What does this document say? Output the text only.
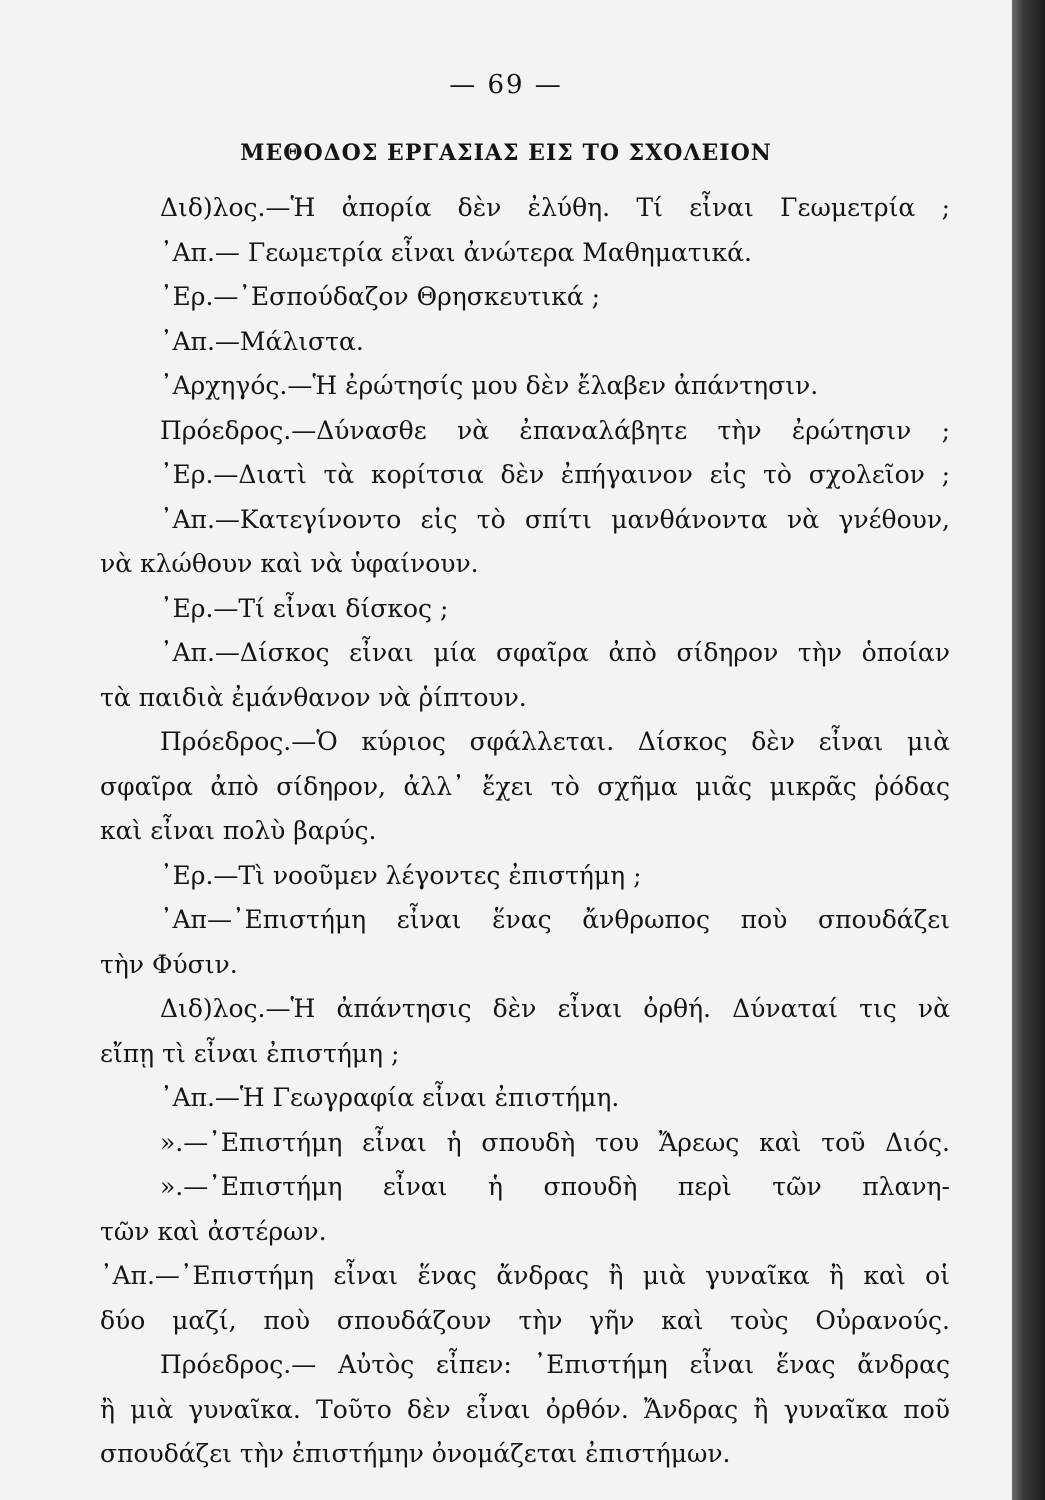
— 69 —
ΜΕΘΟΔΟΣ ΕΡΓΑΣΙΑΣ ΕΙΣ ΤΟ ΣΧΟΛΕΙΟΝ
Διδ)λος.—Ἡ ἀπορία δὲν ἐλύθη. Τί εἶναι Γεωμετρία ;
᾿Απ.— Γεωμετρία εἶναι ἀνώτερα Μαθηματικά.
᾿Ερ.—᾿Εσπούδαζον Θρησκευτικά ;
᾿Απ.—Μάλιστα.
᾿Αρχηγός.—Ἡ ἐρώτησίς μου δὲν ἔλαβεν ἀπάντησιν.
Πρόεδρος.—Δύνασθε νὰ ἐπαναλάβητε τὴν ἐρώτησιν ;
᾿Ερ.—Διατὶ τὰ κορίτσια δὲν ἐπήγαινον εἰς τὸ σχολεῖον ;
᾿Απ.—Κατεγίνοντο εἰς τὸ σπίτι μανθάνοντα νὰ γνέθουν,
νὰ κλώθουν καὶ νὰ ὑφαίνουν.
᾿Ερ.—Τί εἶναι δίσκος ;
᾿Απ.—Δίσκος εἶναι μία σφαῖρα ἀπὸ σίδηρον τὴν ὁποίαν
τὰ παιδιὰ ἐμάνθανον νὰ ῥίπτουν.
Πρόεδρος.—Ὁ κύριος σφάλλεται. Δίσκος δὲν εἶναι μιὰ
σφαῖρα ἀπὸ σίδηρον, ἀλλ᾿ ἔχει τὸ σχῆμα μιᾶς μικρᾶς ῥόδας
καὶ εἶναι πολὺ βαρύς.
᾿Ερ.—Τὶ νοοῦμεν λέγοντες ἐπιστήμη ;
᾿Απ—᾿Επιστήμη εἶναι ἕνας ἄνθρωπος ποὺ σπουδάζει
τὴν Φύσιν.
Διδ)λος.—Ἡ ἀπάντησις δὲν εἶναι ὀρθή. Δύναταί τις νὰ
εἴπῃ τὶ εἶναι ἐπιστήμη ;
᾿Απ.—Ἡ Γεωγραφία εἶναι ἐπιστήμη.
».—᾿Επιστήμη εἶναι ἡ σπουδὴ του Ἄρεως καὶ τοῦ Διός.
».—᾿Επιστήμη εἶναι ἡ σπουδὴ περὶ τῶν πλανη-
τῶν καὶ ἀστέρων.
᾿Απ.—᾿Επιστήμη εἶναι ἕνας ἄνδρας ἢ μιὰ γυναῖκα ἢ καὶ οἱ
δύο μαζί, ποὺ σπουδάζουν τὴν γῆν καὶ τοὺς Οὐρανούς.
Πρόεδρος.— Αὐτὸς εἶπεν: ᾿Επιστήμη εἶναι ἕνας ἄνδρας
ἢ μιὰ γυναῖκα. Τοῦτο δὲν εἶναι ὀρθόν. Ἄνδρας ἢ γυναῖκα ποῦ
σπουδάζει τὴν ἐπιστήμην ὀνομάζεται ἐπιστήμων.
